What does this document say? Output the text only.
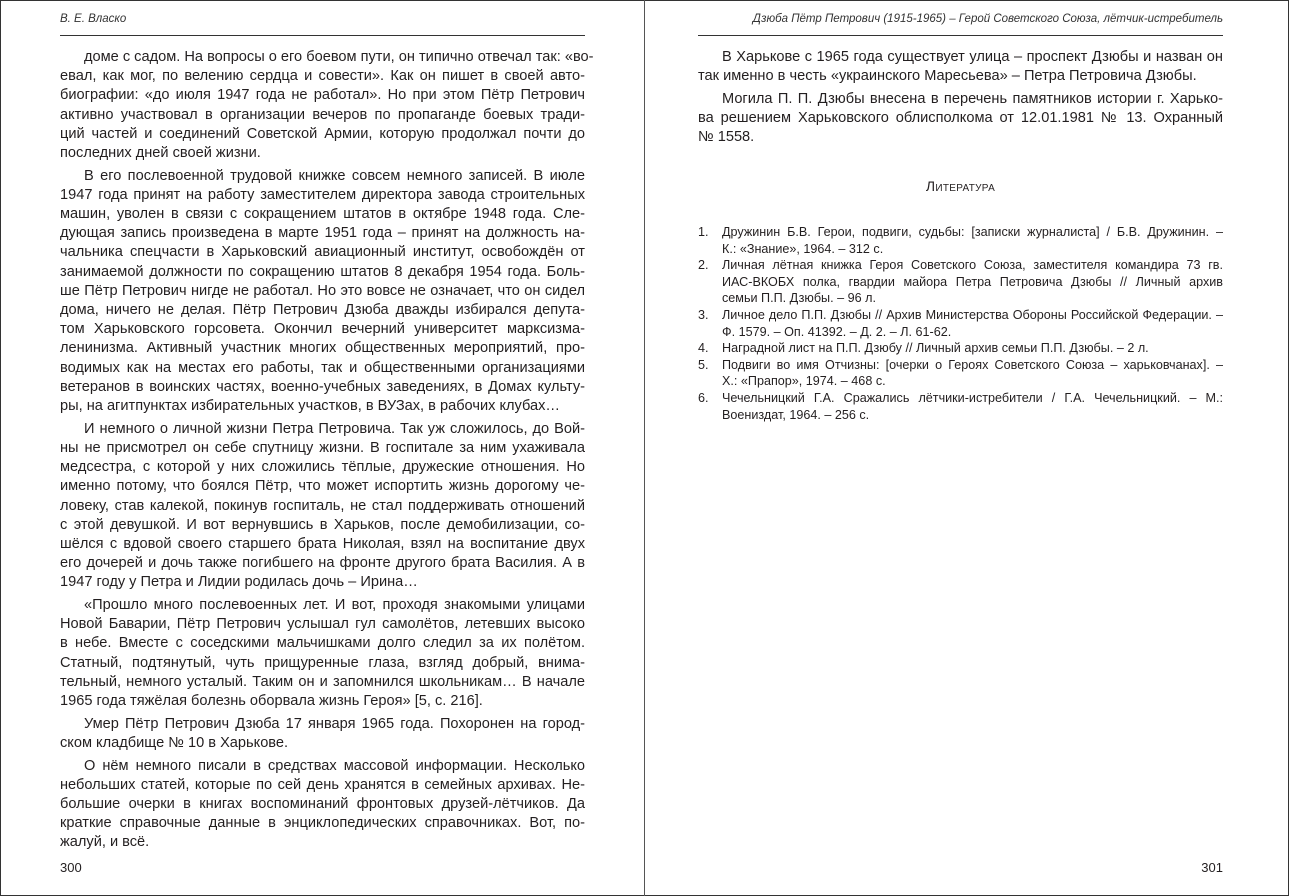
В. Е. Власко
доме с садом. На вопросы о его боевом пути, он типично отвечал так: «во-
евал, как мог, по велению сердца и совести». Как он пишет в своей авто-
биографии: «до июля 1947 года не работал». Но при этом Пётр Петрович
активно участвовал в организации вечеров по пропаганде боевых тради-
ций частей и соединений Советской Армии, которую продолжал почти до
последних дней своей жизни.
В его послевоенной трудовой книжке совсем немного записей. В июле
1947 года принят на работу заместителем директора завода строительных
машин, уволен в связи с сокращением штатов в октябре 1948 года. Сле-
дующая запись произведена в марте 1951 года – принят на должность на-
чальника спецчасти в Харьковский авиационный институт, освобождён от
занимаемой должности по сокращению штатов 8 декабря 1954 года. Боль-
ше Пётр Петрович нигде не работал. Но это вовсе не означает, что он сидел
дома, ничего не делая. Пётр Петрович Дзюба дважды избирался депута-
том Харьковского горсовета. Окончил вечерний университет марксизма-
ленинизма. Активный участник многих общественных мероприятий, про-
водимых как на местах его работы, так и общественными организациями
ветеранов в воинских частях, военно-учебных заведениях, в Домах культу-
ры, на агитпунктах избирательных участков, в ВУЗах, в рабочих клубах…
И немного о личной жизни Петра Петровича. Так уж сложилось, до Вой-
ны не присмотрел он себе спутницу жизни. В госпитале за ним ухаживала
медсестра, с которой у них сложились тёплые, дружеские отношения. Но
именно потому, что боялся Пётр, что может испортить жизнь дорогому че-
ловеку, став калекой, покинув госпиталь, не стал поддерживать отношений
с этой девушкой. И вот вернувшись в Харьков, после демобилизации, со-
шёлся с вдовой своего старшего брата Николая, взял на воспитание двух
его дочерей и дочь также погибшего на фронте другого брата Василия. А в
1947 году у Петра и Лидии родилась дочь – Ирина…
«Прошло много послевоенных лет. И вот, проходя знакомыми улицами
Новой Баварии, Пётр Петрович услышал гул самолётов, летевших высоко
в небе. Вместе с соседскими мальчишками долго следил за их полётом.
Статный, подтянутый, чуть прищуренные глаза, взгляд добрый, внима-
тельный, немного усталый. Таким он и запомнился школьникам… В начале
1965 года тяжёлая болезнь оборвала жизнь Героя» [5, с. 216].
Умер Пётр Петрович Дзюба 17 января 1965 года. Похоронен на город-
ском кладбище № 10 в Харькове.
О нём немного писали в средствах массовой информации. Несколько
небольших статей, которые по сей день хранятся в семейных архивах. Не-
большие очерки в книгах воспоминаний фронтовых друзей-лётчиков. Да
краткие справочные данные в энциклопедических справочниках. Вот, по-
жалуй, и всё.
300
Дзюба Пётр Петрович (1915-1965) – Герой Советского Союза, лётчик-истребитель
В Харькове с 1965 года существует улица – проспект Дзюбы и назван он
так именно в честь «украинского Маресьева» – Петра Петровича Дзюбы.
Могила П. П. Дзюбы внесена в перечень памятников истории г. Харько-
ва решением Харьковского облисполкома от 12.01.1981 № 13. Охранный
№ 1558.
Литература
1. Дружинин Б.В. Герои, подвиги, судьбы: [записки журналиста] / Б.В. Дружинин. –
К.: «Знание», 1964. – 312 с.
2. Личная лётная книжка Героя Советского Союза, заместителя командира 73 гв.
ИАС-ВКОБХ полка, гвардии майора Петра Петровича Дзюбы // Личный архив
семьи П.П. Дзюбы. – 96 л.
3. Личное дело П.П. Дзюбы // Архив Министерства Обороны Российской Федерации. –
Ф. 1579. – Оп. 41392. – Д. 2. – Л. 61-62.
4. Наградной лист на П.П. Дзюбу // Личный архив семьи П.П. Дзюбы. – 2 л.
5. Подвиги во имя Отчизны: [очерки о Героях Советского Союза – харьковчанах]. –
Х.: «Прапор», 1974. – 468 с.
6. Чечельницкий Г.А. Сражались лётчики-истребители / Г.А. Чечельницкий. – М.:
Воениздат, 1964. – 256 с.
301
